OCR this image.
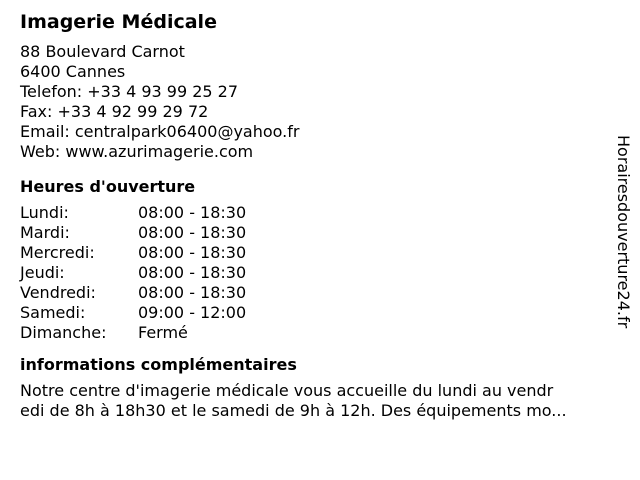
Imagerie Médicale
88 Boulevard Carnot
6400 Cannes
Telefon: +33 4 93 99 25 27
Fax: +33 4 92 99 29 72
Email: centralpark06400@yahoo.fr
Web: www.azurimagerie.com
Heures d'ouverture
Lundi:	08:00 - 18:30
Mardi:	08:00 - 18:30
Mercredi:	08:00 - 18:30
Jeudi:	08:00 - 18:30
Vendredi:	08:00 - 18:30
Samedi:	09:00 - 12:00
Dimanche:	Fermé
informations complémentaires

Notre centre d'imagerie médicale vous accueille du lundi au vendr
edi de 8h à 18h30 et le samedi de 9h à 12h. Des équipements mo...

Horairesdouverture24.fr
